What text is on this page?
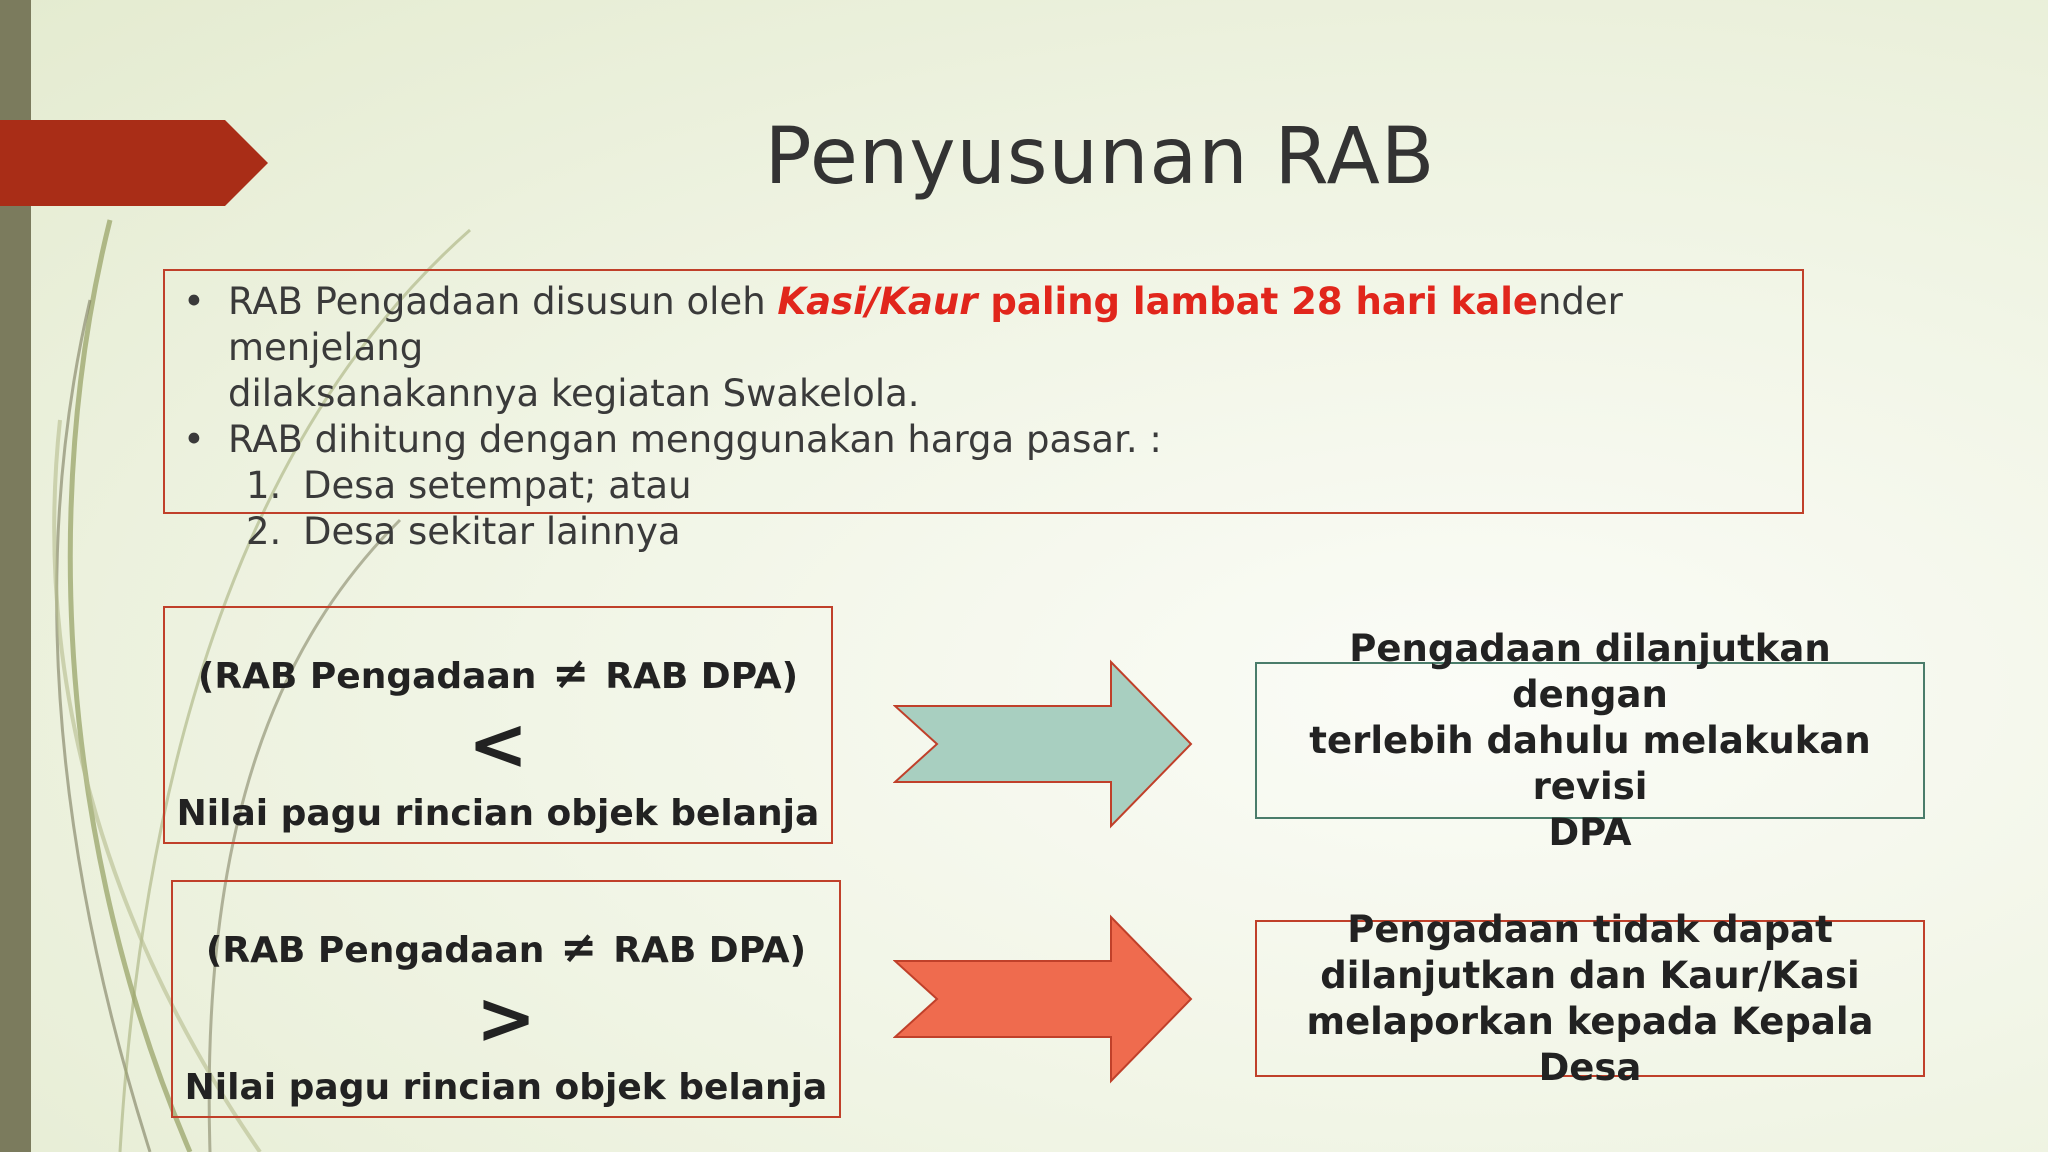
Penyusunan RAB
• RAB Pengadaan disusun oleh Kasi/Kaur paling lambat 28 hari kalender menjelang
dilaksanakannya kegiatan Swakelola.
• RAB dihitung dengan menggunakan harga pasar. :
1. Desa setempat; atau
2. Desa sekitar lainnya
(RAB Pengadaan ≠ RAB DPA)
<
Nilai pagu rincian objek belanja
(RAB Pengadaan ≠ RAB DPA)
>
Nilai pagu rincian objek belanja
Pengadaan dilanjutkan dengan
terlebih dahulu melakukan revisi
DPA
Pengadaan tidak dapat
dilanjutkan dan Kaur/Kasi
melaporkan kepada Kepala Desa
